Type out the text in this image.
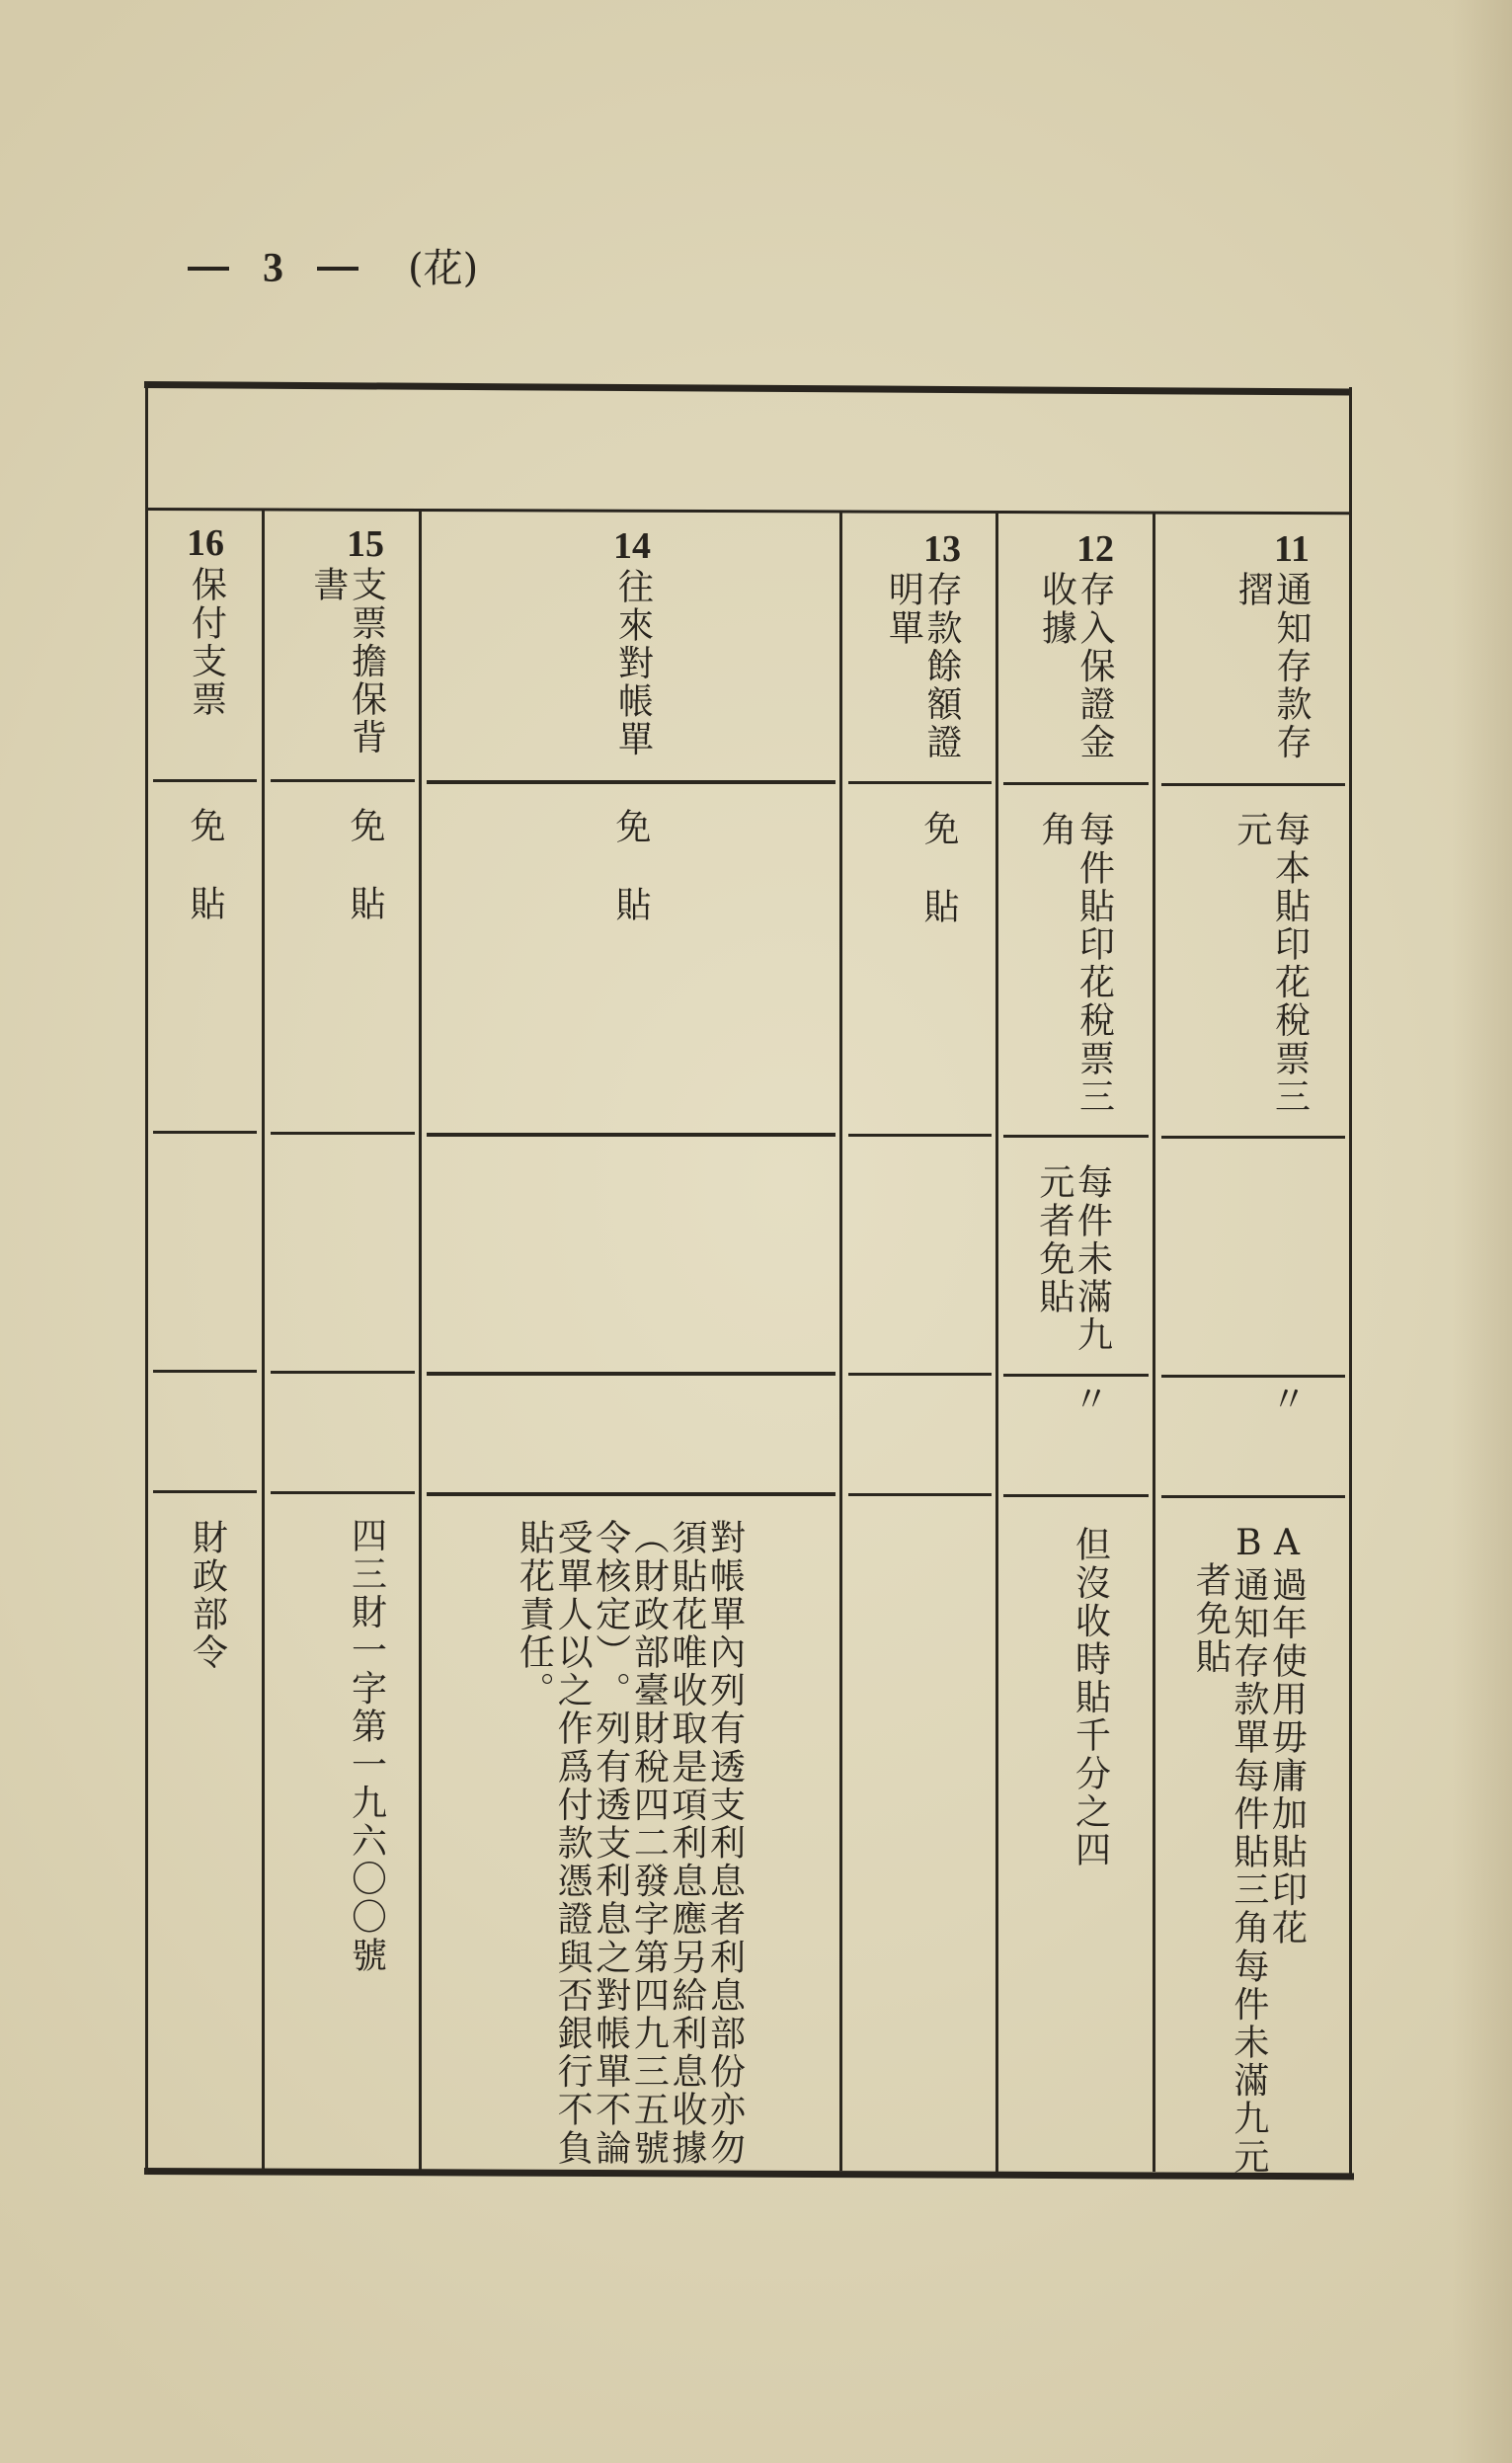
3	(花)
11
通知存款存
摺
12
存入保證金
收據
13
存款餘額證
明單
14
往來對帳單
15
支票擔保背
書
16
保付支票
每本貼印花稅票三
元
每件貼印花稅票三
角
免貼
免貼
免貼
免貼
每件未滿九
元者免貼
〃
〃
A過年使用毋庸加貼印花
B通知存款單每件貼三角每件未滿九元
者免貼
但沒收時貼千分之四
對帳單內列有透支利息者利息部份亦勿
須貼花唯收取是項利息應另給利息收據
︵財政部臺財稅四二發字第四九三五號
令核定︶。列有透支利息之對帳單不論
受單人以之作爲付款憑證與否銀行不負
貼花責任。
四三財一字第一九六〇〇號
財政部令
